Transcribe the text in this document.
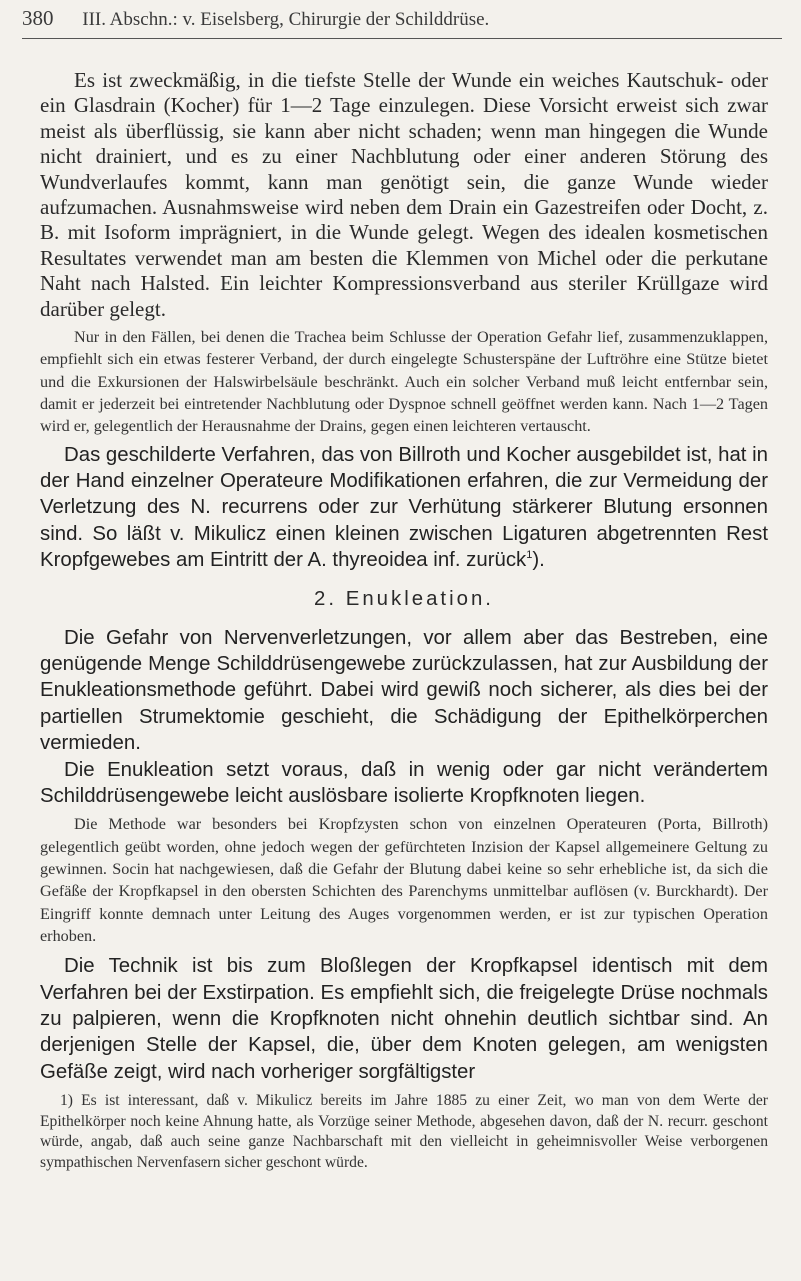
380 III. Abschn.: v. Eiselsberg, Chirurgie der Schilddrüse.

Es ist zweckmäßig, in die tiefste Stelle der Wunde ein weiches Kautschuk- oder ein Glasdrain (Kocher) für 1—2 Tage einzulegen. Diese Vorsicht erweist sich zwar meist als überflüssig, sie kann aber nicht schaden; wenn man hingegen die Wunde nicht drainiert, und es zu einer Nachblutung oder einer anderen Störung des Wundverlaufes kommt, kann man genötigt sein, die ganze Wunde wieder aufzumachen. Ausnahmsweise wird neben dem Drain ein Gazestreifen oder Docht, z. B. mit Isoform imprägniert, in die Wunde gelegt. Wegen des idealen kosmetischen Resultates verwendet man am besten die Klemmen von Michel oder die perkutane Naht nach Halsted. Ein leichter Kompressionsverband aus steriler Krüllgaze wird darüber gelegt.

Nur in den Fällen, bei denen die Trachea beim Schlusse der Operation Gefahr lief, zusammenzuklappen, empfiehlt sich ein etwas festerer Verband, der durch eingelegte Schusterspäne der Luftröhre eine Stütze bietet und die Exkursionen der Halswirbelsäule beschränkt. Auch ein solcher Verband muß leicht entfernbar sein, damit er jederzeit bei eintretender Nachblutung oder Dyspnoe schnell geöffnet werden kann. Nach 1—2 Tagen wird er, gelegentlich der Herausnahme der Drains, gegen einen leichteren vertauscht.

Das geschilderte Verfahren, das von Billroth und Kocher ausgebildet ist, hat in der Hand einzelner Operateure Modifikationen erfahren, die zur Vermeidung der Verletzung des N. recurrens oder zur Verhütung stärkerer Blutung ersonnen sind. So läßt v. Mikulicz einen kleinen zwischen Ligaturen abgetrennten Rest Kropfgewebes am Eintritt der A. thyreoidea inf. zurück$^1$).

2. Enukleation.

Die Gefahr von Nervenverletzungen, vor allem aber das Bestreben, eine genügende Menge Schilddrüsengewebe zurückzulassen, hat zur Ausbildung der Enukleationsmethode geführt. Dabei wird gewiß noch sicherer, als dies bei der partiellen Strumektomie geschieht, die Schädigung der Epithelkörperchen vermieden.

Die Enukleation setzt voraus, daß in wenig oder gar nicht verändertem Schilddrüsengewebe leicht auslösbare isolierte Kropfknoten liegen.

Die Methode war besonders bei Kropfzysten schon von einzelnen Operateuren (Porta, Billroth) gelegentlich geübt worden, ohne jedoch wegen der gefürchteten Inzision der Kapsel allgemeinere Geltung zu gewinnen. Socin hat nachgewiesen, daß die Gefahr der Blutung dabei keine so sehr erhebliche ist, da sich die Gefäße der Kropfkapsel in den obersten Schichten des Parenchyms unmittelbar auflösen (v. Burckhardt). Der Eingriff konnte demnach unter Leitung des Auges vorgenommen werden, er ist zur typischen Operation erhoben.

Die Technik ist bis zum Bloßlegen der Kropfkapsel identisch mit dem Verfahren bei der Exstirpation. Es empfiehlt sich, die freigelegte Drüse nochmals zu palpieren, wenn die Kropfknoten nicht ohnehin deutlich sichtbar sind. An derjenigen Stelle der Kapsel, die, über dem Knoten gelegen, am wenigsten Gefäße zeigt, wird nach vorheriger sorgfältigster

1) Es ist interessant, daß v. Mikulicz bereits im Jahre 1885 zu einer Zeit, wo man von dem Werte der Epithelkörper noch keine Ahnung hatte, als Vorzüge seiner Methode, abgesehen davon, daß der N. recurr. geschont würde, angab, daß auch seine ganze Nachbarschaft mit den vielleicht in geheimnisvoller Weise verborgenen sympathischen Nervenfasern sicher geschont würde.
